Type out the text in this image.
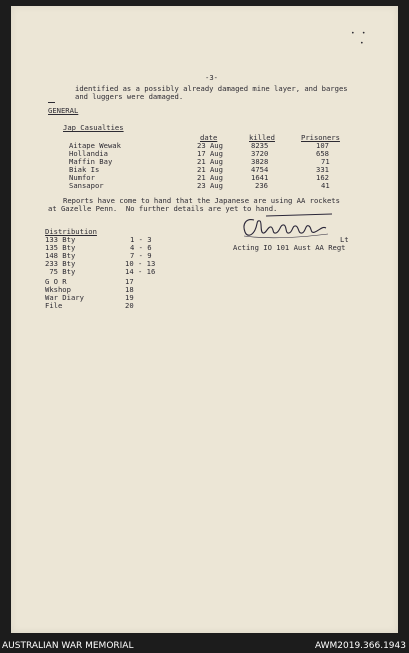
•  •
•
-3-
identified as a possibly already damaged mine layer, and barges
and luggers were damaged.
GENERAL
Jap Casualties
date	killed	Prisoners
Aitape Wewak	23 Aug	8235	107
Hollandia	17 Aug	3720	658
Maffin Bay	21 Aug	3828	71
Biak Is	21 Aug	4754	331
Numfor	21 Aug	1641	162
Sansapor	23 Aug	236	41
Reports have come to hand that the Japanese are using AA rockets
at Gazelle Penn.  No further details are yet to hand.
Distribution
133 Bty	1 - 3
135 Bty	4 - 6
148 Bty	7 - 9
233 Bty	10 - 13
75 Bty	14 - 16
G O R	17
Wkshop	18
War Diary	19
File	20
Lt
Acting IO 101 Aust AA Regt
AUSTRALIAN WAR MEMORIAL	AWM2019.366.1943
